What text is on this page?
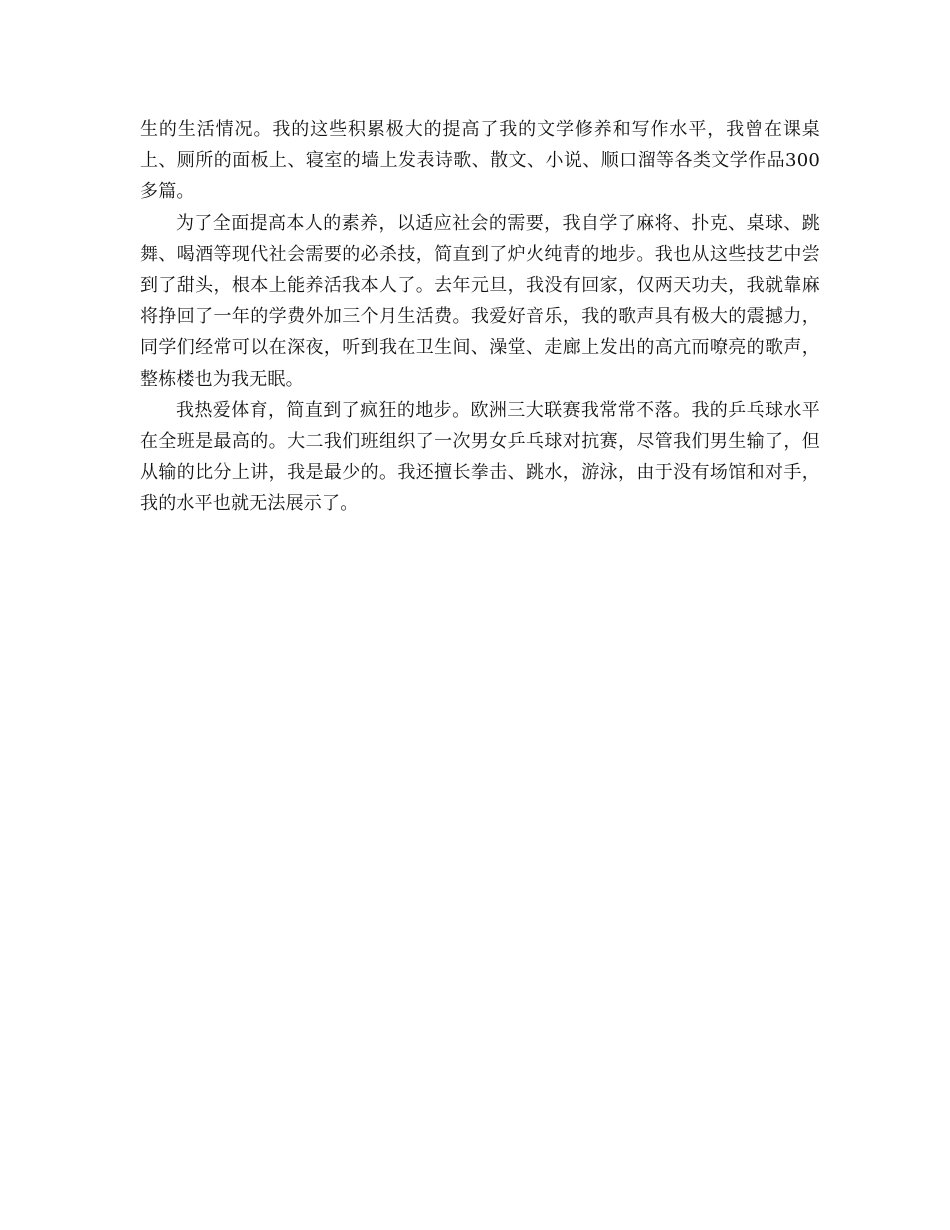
生的生活情况。我的这些积累极大的提高了我的文学修养和写作水平，我曾在课桌上、厕所的面板上、寝室的墙上发表诗歌、散文、小说、顺口溜等各类文学作品300多篇。

为了全面提高本人的素养，以适应社会的需要，我自学了麻将、扑克、桌球、跳舞、喝酒等现代社会需要的必杀技，简直到了炉火纯青的地步。我也从这些技艺中尝到了甜头，根本上能养活我本人了。去年元旦，我没有回家，仅两天功夫，我就靠麻将挣回了一年的学费外加三个月生活费。我爱好音乐，我的歌声具有极大的震撼力，同学们经常可以在深夜，听到我在卫生间、澡堂、走廊上发出的高亢而嘹亮的歌声，整栋楼也为我无眠。

我热爱体育，简直到了疯狂的地步。欧洲三大联赛我常常不落。我的乒乓球水平在全班是最高的。大二我们班组织了一次男女乒乓球对抗赛，尽管我们男生输了，但从输的比分上讲，我是最少的。我还擅长拳击、跳水，游泳，由于没有场馆和对手，我的水平也就无法展示了。
